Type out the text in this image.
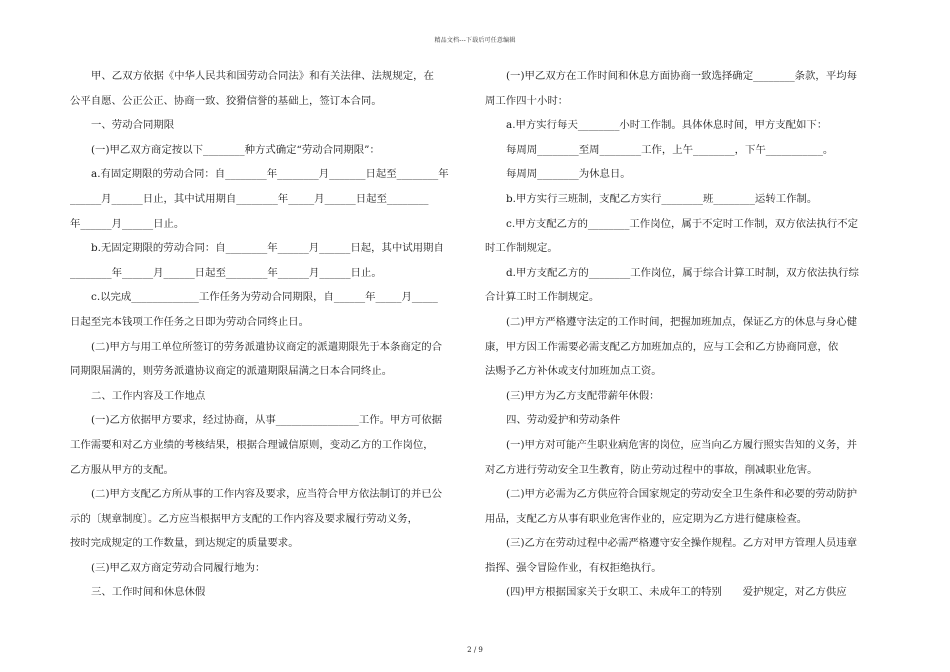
精品文档---下载后可任意编辑
甲、乙双方依据《中华人民共和国劳动合同法》和有关法律、法规规定，在
公平自愿、公正公正、协商一致、狡猾信誉的基础上，签订本合同。
一、劳动合同期限
(一)甲乙双方商定按以下________种方式确定“劳动合同期限”：
a.有固定期限的劳动合同：自________年________月_______日起至________年
______月______日止，其中试用期自________年_____月______日起至________
年______月______日止。
b.无固定期限的劳动合同：自________年______月______日起，其中试用期自
________年______月______日起至________年______月______日止。
c.以完成_____________工作任务为劳动合同期限，自______年_____月_____
日起至完本钱项工作任务之日即为劳动合同终止日。
(二)甲方与用工单位所签订的劳务派遣协议商定的派遣期限先于本条商定的合
同期限届满的，则劳务派遣协议商定的派遣期限届满之日本合同终止。
二、工作内容及工作地点
(一)乙方依据甲方要求，经过协商，从事________________工作。甲方可依据
工作需要和对乙方业绩的考核结果，根据合理诚信原则，变动乙方的工作岗位，
乙方服从甲方的支配。
(二)甲方支配乙方所从事的工作内容及要求，应当符合甲方依法制订的并已公
示的〔规章制度〕。乙方应当根据甲方支配的工作内容及要求履行劳动义务，
按时完成规定的工作数量，到达规定的质量要求。
(三)甲乙双方商定劳动合同履行地为：
三、工作时间和休息休假
(一)甲乙双方在工作时间和休息方面协商一致选择确定________条款，平均每
周工作四十小时：
a.甲方实行每天________小时工作制。具体休息时间，甲方支配如下：
每周周________至周________工作，上午________，下午___________。
每周周________为休息日。
b.甲方实行三班制，支配乙方实行________班________运转工作制。
c.甲方支配乙方的________工作岗位，属于不定时工作制，双方依法执行不定
时工作制规定。
d.甲方支配乙方的________工作岗位，属于综合计算工时制，双方依法执行综
合计算工时工作制规定。
(二)甲方严格遵守法定的工作时间，把握加班加点，保证乙方的休息与身心健
康，甲方因工作需要必需支配乙方加班加点的，应与工会和乙方协商同意，依
法赐予乙方补休或支付加班加点工资。
(三)甲方为乙方支配带薪年休假：
四、劳动爱护和劳动条件
(一)甲方对可能产生职业病危害的岗位，应当向乙方履行照实告知的义务，并
对乙方进行劳动安全卫生教育，防止劳动过程中的事故，削减职业危害。
(二)甲方必需为乙方供应符合国家规定的劳动安全卫生条件和必要的劳动防护
用品，支配乙方从事有职业危害作业的，应定期为乙方进行健康检查。
(三)乙方在劳动过程中必需严格遵守安全操作规程。乙方对甲方管理人员违章
指挥、强令冒险作业，有权拒绝执行。
(四)甲方根据国家关于女职工、未成年工的特别　　爱护规定，对乙方供应
2 / 9
